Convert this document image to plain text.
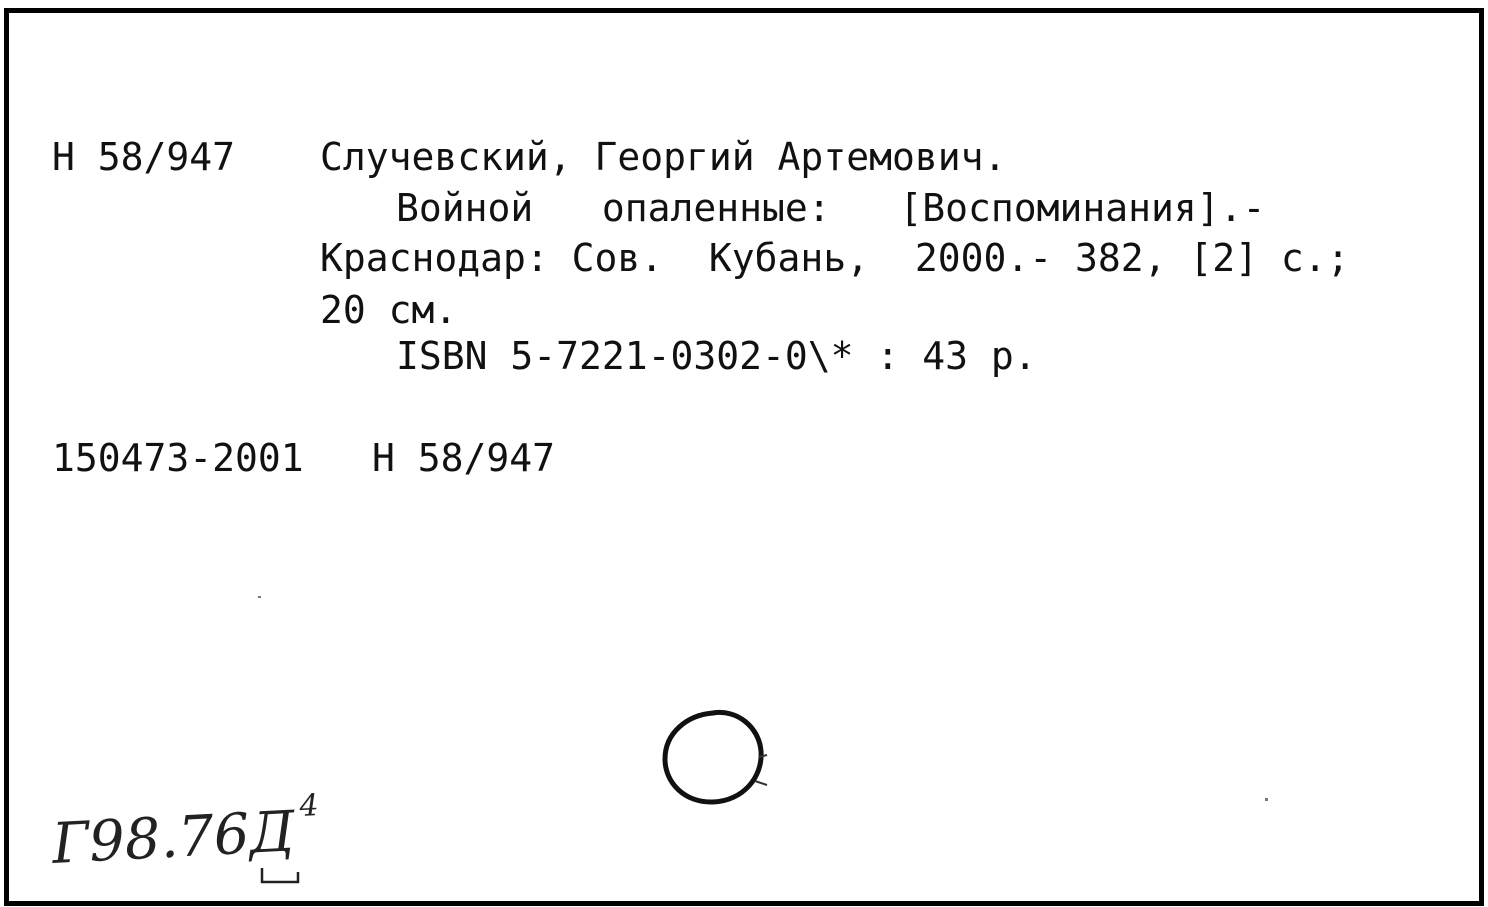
Н 58/947 Случевский, Георгий Артемович.

Войной   опаленные:   [Воспоминания].-

Краснодар: Сов.  Кубань,  2000.- 382, [2] с.;

20 см.

ISBN 5-7221-0302-0\* : 43 р.

150473-2001 Н 58/947

$Г98.76Д^4$
